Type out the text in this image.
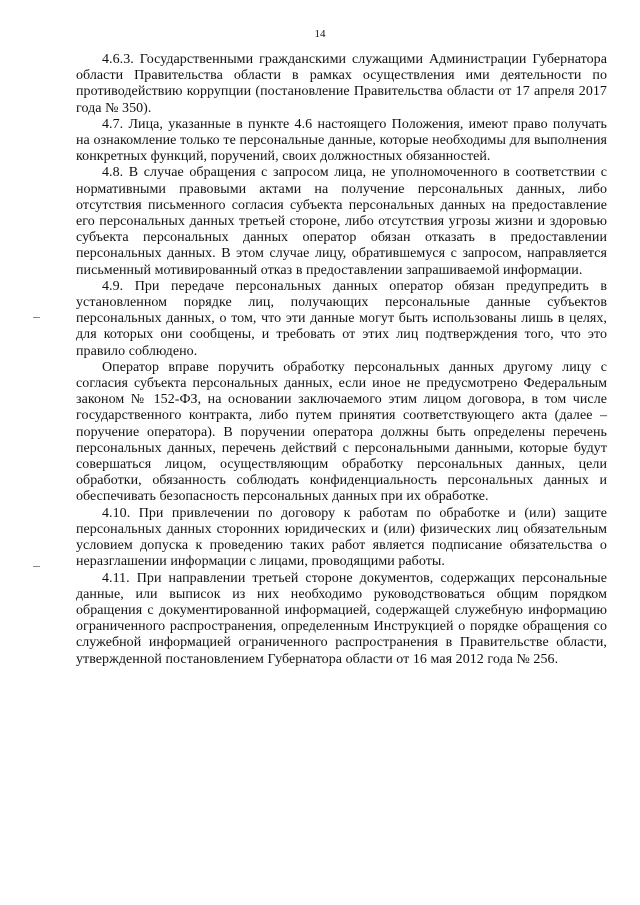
14

4.6.3. Государственными гражданскими служащими Администрации Губернатора области Правительства области в рамках осуществления ими деятельности по противодействию коррупции (постановление Правительства области от 17 апреля 2017 года № 350).

4.7. Лица, указанные в пункте 4.6 настоящего Положения, имеют право получать на ознакомление только те персональные данные, которые необходимы для выполнения конкретных функций, поручений, своих должностных обязанностей.

4.8. В случае обращения с запросом лица, не уполномоченного в соответствии с нормативными правовыми актами на получение персональных данных, либо отсутствия письменного согласия субъекта персональных данных на предоставление его персональных данных третьей стороне, либо отсутствия угрозы жизни и здоровью субъекта персональных данных оператор обязан отказать в предоставлении персональных данных. В этом случае лицу, обратившемуся с запросом, направляется письменный мотивированный отказ в предоставлении запрашиваемой информации.

4.9. При передаче персональных данных оператор обязан предупредить в установленном порядке лиц, получающих персональные данные субъектов персональных данных, о том, что эти данные могут быть использованы лишь в целях, для которых они сообщены, и требовать от этих лиц подтверждения того, что это правило соблюдено.

Оператор вправе поручить обработку персональных данных другому лицу с согласия субъекта персональных данных, если иное не предусмотрено Федеральным законом № 152-ФЗ, на основании заключаемого этим лицом договора, в том числе государственного контракта, либо путем принятия соответствующего акта (далее – поручение оператора). В поручении оператора должны быть определены перечень персональных данных, перечень действий с персональными данными, которые будут совершаться лицом, осуществляющим обработку персональных данных, цели обработки, обязанность соблюдать конфиденциальность персональных данных и обеспечивать безопасность персональных данных при их обработке.

4.10. При привлечении по договору к работам по обработке и (или) защите персональных данных сторонних юридических и (или) физических лиц обязательным условием допуска к проведению таких работ является подписание обязательства о неразглашении информации с лицами, проводящими работы.

4.11. При направлении третьей стороне документов, содержащих персональные данные, или выписок из них необходимо руководствоваться общим порядком обращения с документированной информацией, содержащей служебную информацию ограниченного распространения, определенным Инструкцией о порядке обращения со служебной информацией ограниченного распространения в Правительстве области, утвержденной постановлением Губернатора области от 16 мая 2012 года № 256.
